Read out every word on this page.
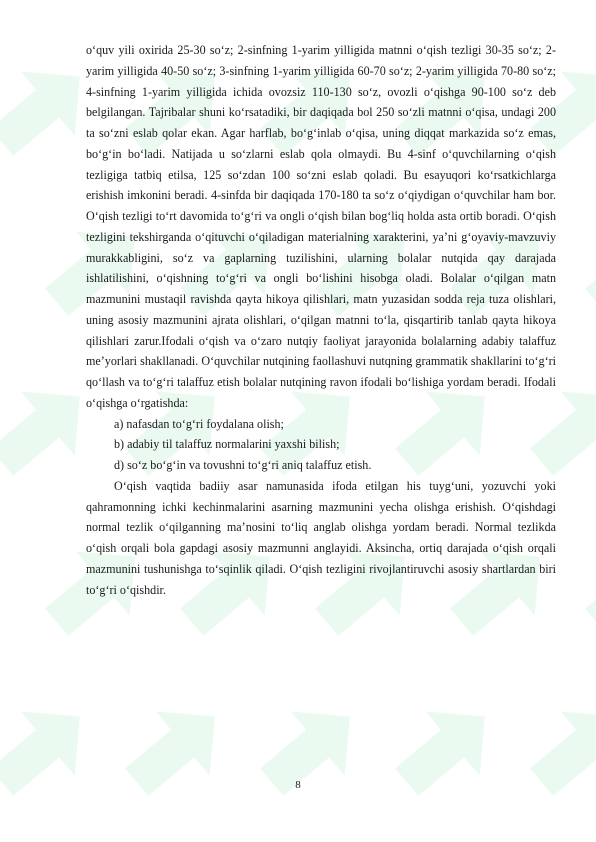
o‘quv yili oxirida 25-30 so‘z; 2-sinfning 1-yarim yilligida matnni o‘qish tezligi 30-35 so‘z; 2-yarim yilligida 40-50 so‘z; 3-sinfning 1-yarim yilligida 60-70 so‘z; 2-yarim yilligida 70-80 so‘z; 4-sinfning 1-yarim yilligida ichida ovozsiz 110-130 so‘z, ovozli o‘qishga 90-100 so‘z deb belgilangan. Tajribalar shuni ko‘rsatadiki, bir daqiqada bol 250 so‘zli matnni o‘qisa, undagi 200 ta so‘zni eslab qolar ekan. Agar harflab, bo‘g‘inlab o‘qisa, uning diqqat markazida so‘z emas, bo‘g‘in bo‘ladi. Natijada u so‘zlarni eslab qola olmaydi. Bu 4-sinf o‘quvchilarning o‘qish tezligiga tatbiq etilsa, 125 so‘zdan 100 so‘zni eslab qoladi. Bu esayuqori ko‘rsatkichlarga erishish imkonini beradi. 4-sinfda bir daqiqada 170-180 ta so‘z o‘qiydigan o‘quvchilar ham bor. O‘qish tezligi to‘rt davomida to‘g‘ri va ongli o‘qish bilan bog‘liq holda asta ortib boradi. O‘qish tezligini tekshirganda o‘qituvchi o‘qiladigan materialning xarakterini, ya’ni g‘oyaviy-mavzuviy murakkabligini, so‘z va gaplarning tuzilishini, ularning bolalar nutqida qay darajada ishlatilishini, o‘qishning to‘g‘ri va ongli bo‘lishini hisobga oladi. Bolalar o‘qilgan matn mazmunini mustaqil ravishda qayta hikoya qilishlari, matn yuzasidan sodda reja tuza olishlari, uning asosiy mazmunini ajrata olishlari, o‘qilgan matnni to‘la, qisqartirib tanlab qayta hikoya qilishlari zarur.Ifodali o‘qish va o‘zaro nutqiy faoliyat jarayonida bolalarning adabiy talaffuz me’yorlari shakllanadi. O‘quvchilar nutqining faollashuvi nutqning grammatik shakllarini to‘g‘ri qo‘llash va to‘g‘ri talaffuz etish bolalar nutqining ravon ifodali bo‘lishiga yordam beradi. Ifodali o‘qishga o‘rgatishda:

a) nafasdan to‘g‘ri foydalana olish;

b) adabiy til talaffuz normalarini yaxshi bilish;

d) so‘z bo‘g‘in va tovushni to‘g‘ri aniq talaffuz etish.

O‘qish vaqtida badiiy asar namunasida ifoda etilgan his tuyg‘uni, yozuvchi yoki qahramonning ichki kechinmalarini asarning mazmunini yecha olishga erishish. O‘qishdagi normal tezlik o‘qilganning ma’nosini to‘liq anglab olishga yordam beradi. Normal tezlikda o‘qish orqali bola gapdagi asosiy mazmunni anglayidi. Aksincha, ortiq darajada o‘qish orqali mazmunini tushunishga to‘sqinlik qiladi. O‘qish tezligini rivojlantiruvchi asosiy shartlardan biri to‘g‘ri o‘qishdir.

8
